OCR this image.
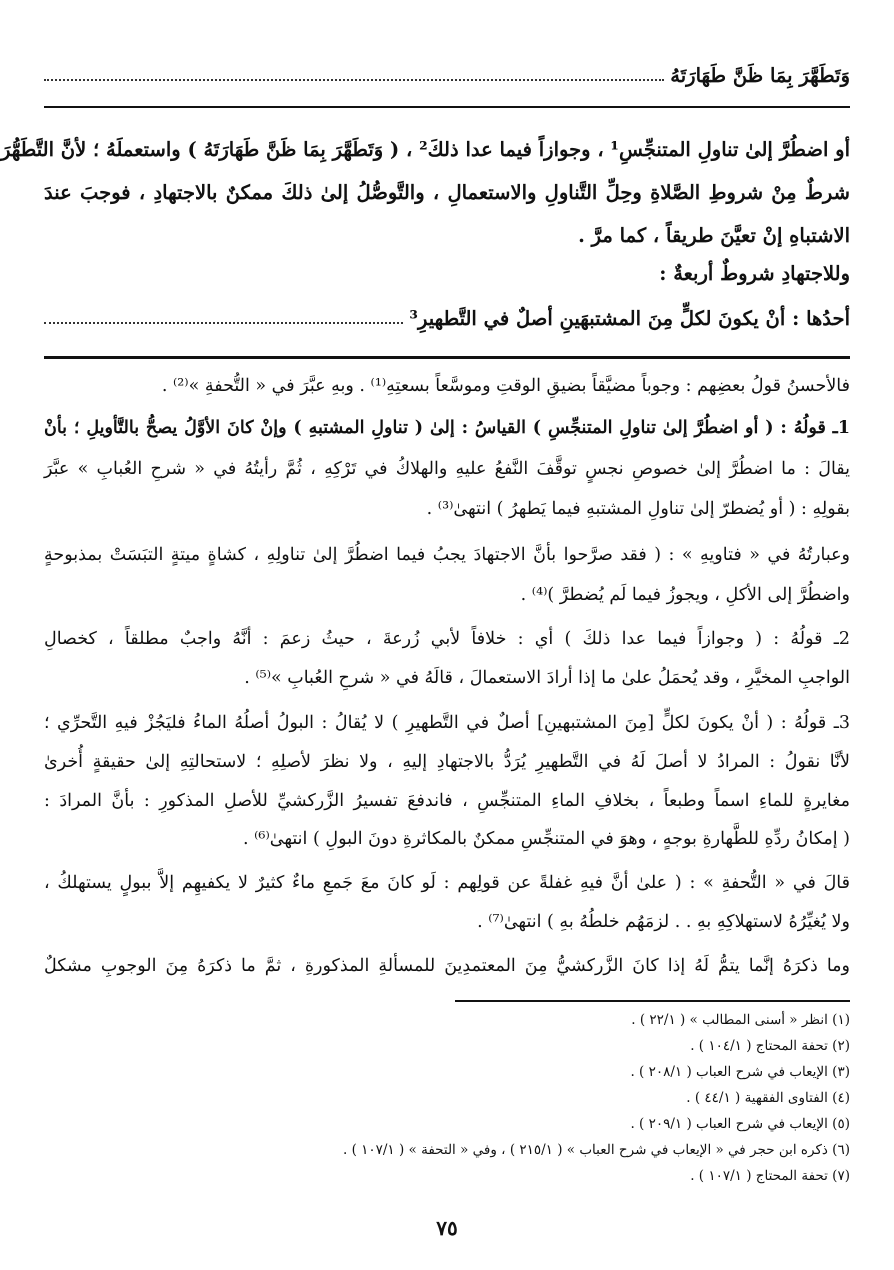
وَتَطَهَّرَ بِمَا ظَنَّ طَهَارَتَهُ
أو اضطُرَّ إلىٰ تناولِ المتنجِّسِ¹ ، وجوازاً فيما عدا ذلكَ² ، ( وَتَطَهَّرَ بِمَا ظَنَّ طَهَارَتَهُ ) واستعملَهُ ؛ لأنَّ التَّطَهُّرَ
شرطٌ مِنْ شروطِ الصَّلاةِ وحِلِّ التَّناولِ والاستعمالِ ، والتَّوصُّلُ إلىٰ ذلكَ ممكنٌ بالاجتهادِ ، فوجبَ عندَ
الاشتباهِ إنْ تعيَّنَ طريقاً ، كما مرَّ .
وللاجتهادِ شروطٌ أربعةٌ :
أحدُها : أنْ يكونَ لكلٍّ مِنَ المشتبهَينِ أصلٌ في التَّطهيرِ³
فالأحسنُ قولُ بعضِهم : وجوباً مضيَّقاً بضيقِ الوقتِ وموسَّعاً بسعتِهِ⁽¹⁾ . وبهِ عبَّرَ في « التُّحفةِ »⁽²⁾ .
1ـ قولُهُ : ( أو اضطُرَّ إلىٰ تناولِ المتنجِّسِ ) القياسُ : إلىٰ ( تناولِ المشتبهِ ) وإنْ كانَ الأوَّلُ يصحُّ بالتَّأويلِ ؛ بأنْ
يقالَ : ما اضطُرَّ إلىٰ خصوصِ نجسٍ توقَّفَ النَّفعُ عليهِ والهلاكُ في تَرْكِهِ ، ثُمَّ رأيتُهُ في « شرحِ العُبابِ » عبَّرَ
بقولِهِ : ( أو يُضطرّ إلىٰ تناولِ المشتبهِ فيما يَطهرُ ) انتهىٰ⁽³⁾ .
وعبارتُهُ في « فتاويهِ » : ( فقد صرَّحوا بأنَّ الاجتهادَ يجبُ فيما اضطُرَّ إلىٰ تناولِهِ ، كشاةٍ ميتةٍ التبَسَتْ بمذبوحةٍ
واضطُرَّ إلى الأكلِ ، ويجوزُ فيما لَم يُضطرَّ )⁽⁴⁾ .
2ـ قولُهُ : ( وجوازاً فيما عدا ذلكَ ) أي : خلافاً لأبي زُرعةَ ، حيثُ زعمَ : أنَّهُ واجبٌ مطلقاً ، كخصالِ
الواجبِ المخيَّرِ ، وقد يُحمَلُ علىٰ ما إذا أرادَ الاستعمالَ ، قالَهُ في « شرحِ العُبابِ »⁽⁵⁾ .
3ـ قولُهُ : ( أنْ يكونَ لكلٍّ [مِنَ المشتبهينِ] أصلٌ في التَّطهيرِ ) لا يُقالُ : البولُ أصلُهُ الماءُ فليَجُزْ فيهِ التَّحرِّي ؛
لأنَّا نقولُ : المرادُ لا أصلَ لَهُ في التَّطهيرِ يُرَدُّ بالاجتهادِ إليهِ ، ولا نظرَ لأصلِهِ ؛ لاستحالتِهِ إلىٰ حقيقةٍ أُخرىٰ
مغايرةٍ للماءِ اسماً وطبعاً ، بخلافِ الماءِ المتنجِّسِ ، فاندفعَ تفسيرُ الزَّركشيِّ للأصلِ المذكورِ : بأنَّ المرادَ :
( إمكانُ ردِّهِ للطَّهارةِ بوجهٍ ، وهوَ في المتنجِّسِ ممكنٌ بالمكاثرةِ دونَ البولِ ) انتهىٰ⁽⁶⁾ .
قالَ في « التُّحفةِ » : ( علىٰ أنَّ فيهِ غفلةً عن قولِهم : لَو كانَ معَ جَمعِ ماءٌ كثيرٌ لا يكفيهِم إلاَّ ببولٍ يستهلكُ ،
ولا يُغيِّرُهُ لاستهلاكِهِ بهِ . . لزمَهُم خلطُهُ بهِ ) انتهىٰ⁽⁷⁾ .
وما ذكرَهُ إنَّما يتمُّ لَهُ إذا كانَ الزَّركشيُّ مِنَ المعتمدِينَ للمسألةِ المذكورةِ ، ثمَّ ما ذكرَهُ مِنَ الوجوبِ مشكلٌ
(١) انظر « أسنى المطالب » ( ٢٢/١ ) .
(٢) تحفة المحتاج ( ١٠٤/١ ) .
(٣) الإيعاب في شرح العباب ( ٢٠٨/١ ) .
(٤) الفتاوى الفقهية ( ٤٤/١ ) .
(٥) الإيعاب في شرح العباب ( ٢٠٩/١ ) .
(٦) ذكره ابن حجر في « الإيعاب في شرح العباب » ( ٢١٥/١ ) ، وفي « التحفة » ( ١٠٧/١ ) .
(٧) تحفة المحتاج ( ١٠٧/١ ) .
٧٥
